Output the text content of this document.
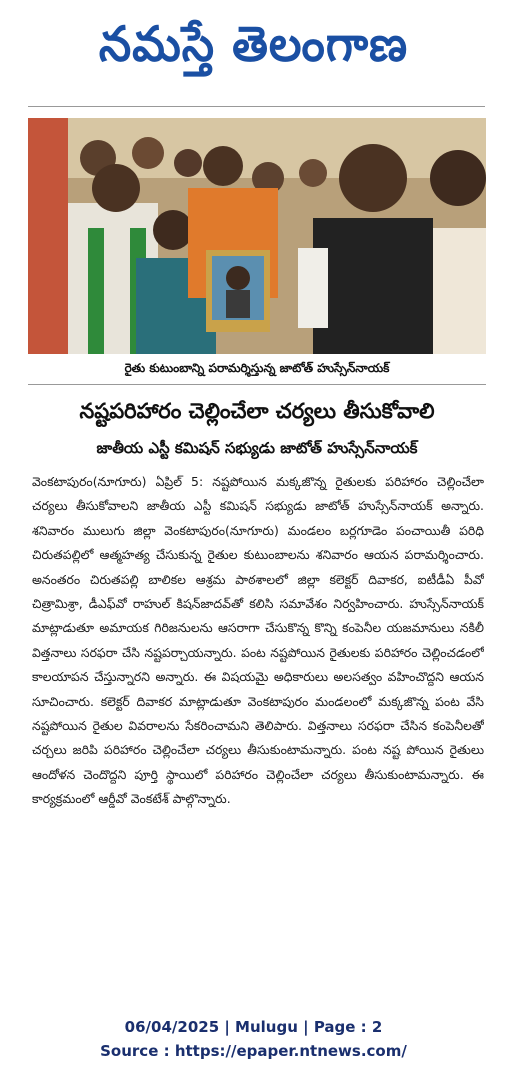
నమస్తే తెలంగాణ
రైతు కుటుంబాన్ని పరామర్శిస్తున్న జాటోత్ హుస్సేన్‌నాయక్
నష్టపరిహారం చెల్లించేలా చర్యలు తీసుకోవాలి
జాతీయ ఎస్టీ కమిషన్ సభ్యుడు జాటోత్ హుస్సేన్‌నాయక్
వెంకటాపురం(నూగూరు) ఏప్రిల్ 5: నష్టపోయిన మక్కజొన్న రైతులకు పరిహారం చెల్లించేలా చర్యలు తీసుకోవాలని జాతీయ ఎస్టీ కమిషన్ సభ్యుడు జాటోత్ హుస్సేన్‌నాయక్ అన్నారు. శనివారం ములుగు జిల్లా వెంకటాపురం(నూగూరు) మండలం బర్లగూడెం పంచాయితీ పరిధి చిరుతపల్లిలో ఆత్మహత్య చేసుకున్న రైతుల కుటుంబాలను శనివారం ఆయన పరామర్శించారు. అనంతరం చిరుతపల్లి బాలికల ఆశ్రమ పాఠశాలలో జిల్లా కలెక్టర్ దివాకర, ఐటీడీఏ పీవో చిత్రామిశ్రా, డీఎఫ్‌వో రాహుల్ కిషన్‌జాదవ్‌తో కలిసి సమావేశం నిర్వహించారు. హుస్సేన్‌నాయక్ మాట్లాడుతూ అమాయక గిరిజనులను ఆసరాగా చేసుకొన్న కొన్ని కంపెనీల యజమానులు నకిలీ విత్తనాలు సరఫరా చేసి నష్టపర్చాయన్నారు. పంట నష్టపోయిన రైతులకు పరిహారం చెల్లించడంలో కాలయాపన చేస్తున్నారని అన్నారు. ఈ విషయమై అధికారులు అలసత్వం వహించొద్దని ఆయన సూచించారు. కలెక్టర్ దివాకర మాట్లాడుతూ వెంకటాపురం మండలంలో మక్కజొన్న పంట వేసి నష్టపోయిన రైతుల వివరాలను సేకరించామని తెలిపారు. విత్తనాలు సరఫరా చేసిన కంపెనీలతో చర్చలు జరిపి పరిహారం చెల్లించేలా చర్యలు తీసుకుంటామన్నారు. పంట నష్ట పోయిన రైతులు ఆందోళన చెందొద్దని పూర్తి స్థాయిలో పరిహారం చెల్లించేలా చర్యలు తీసుకుంటామన్నారు. ఈ కార్యక్రమంలో ఆర్డీవో వెంకటేశ్ పాల్గొన్నారు.
06/04/2025 | Mulugu | Page : 2
Source : https://epaper.ntnews.com/
